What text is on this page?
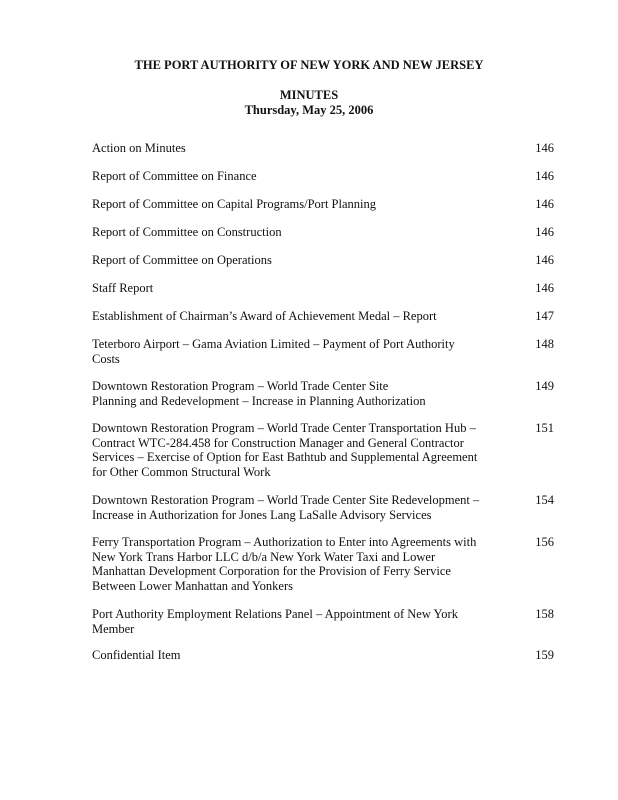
THE PORT AUTHORITY OF NEW YORK AND NEW JERSEY
MINUTES
Thursday, May 25, 2006
Action on Minutes	146
Report of Committee on Finance	146
Report of Committee on Capital Programs/Port Planning	146
Report of Committee on Construction	146
Report of Committee on Operations	146
Staff Report	146
Establishment of Chairman’s Award of Achievement Medal – Report	147
Teterboro Airport – Gama Aviation Limited – Payment of Port Authority
Costs
148
Downtown Restoration Program – World Trade Center Site
Planning and Redevelopment – Increase in Planning Authorization
149
Downtown Restoration Program – World Trade Center Transportation Hub –
Contract WTC-284.458 for Construction Manager and General Contractor
Services – Exercise of Option for East Bathtub and Supplemental Agreement
for Other Common Structural Work
151
Downtown Restoration Program – World Trade Center Site Redevelopment –
Increase in Authorization for Jones Lang LaSalle Advisory Services
154
Ferry Transportation Program – Authorization to Enter into Agreements with
New York Trans Harbor LLC d/b/a New York Water Taxi and Lower
Manhattan Development Corporation for the Provision of Ferry Service
Between Lower Manhattan and Yonkers
156
Port Authority Employment Relations Panel – Appointment of New York
Member
158
Confidential Item	159
